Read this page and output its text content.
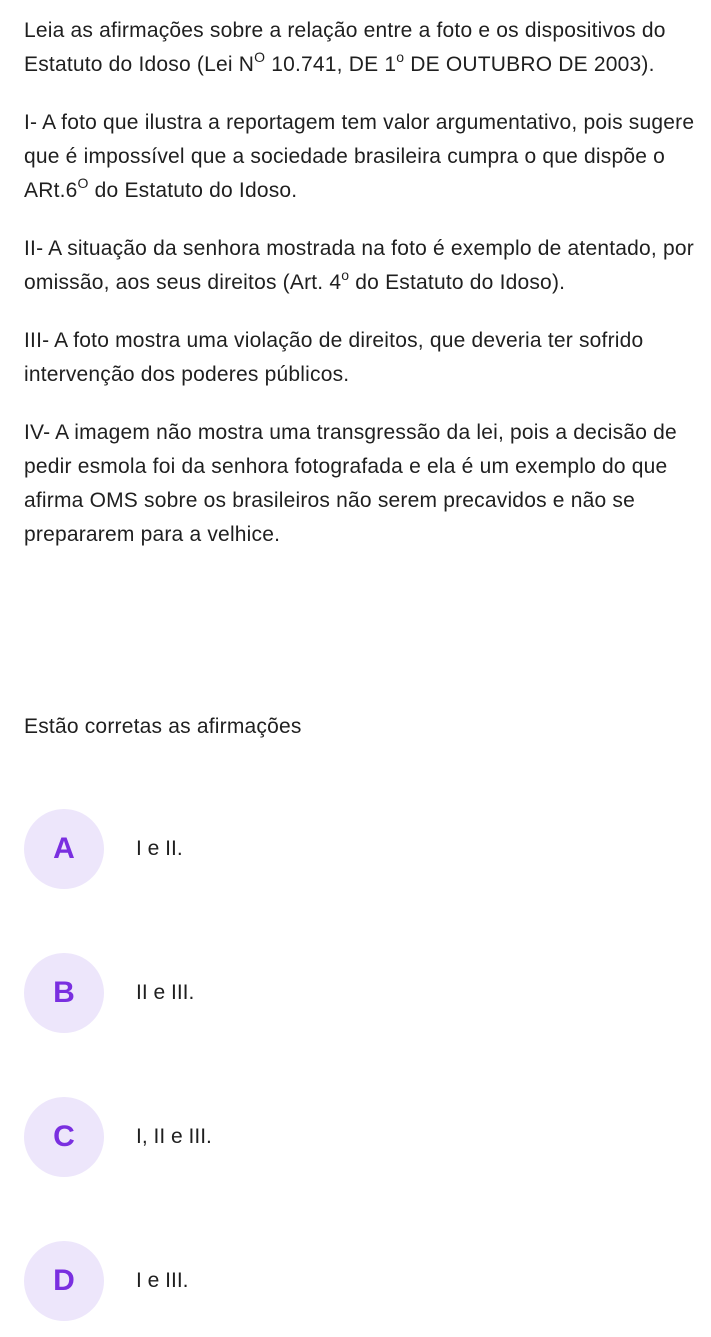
Leia as afirmações sobre a relação entre a foto e os dispositivos do Estatuto do Idoso (Lei $N^O$ 10.741, DE 1$^o$ DE OUTUBRO DE 2003).

I- A foto que ilustra a reportagem tem valor argumentativo, pois sugere que é impossível que a sociedade brasileira cumpra o que dispõe o $ARt.6^O$ do Estatuto do Idoso.

II- A situação da senhora mostrada na foto é exemplo de atentado, por omissão, aos seus direitos (Art. 4$^o$ do Estatuto do Idoso).

III- A foto mostra uma violação de direitos, que deveria ter sofrido intervenção dos poderes públicos.

IV- A imagem não mostra uma transgressão da lei, pois a decisão de pedir esmola foi da senhora fotografada e ela é um exemplo do que afirma OMS sobre os brasileiros não serem precavidos e não se prepararem para a velhice.

Estão corretas as afirmações
A	I e II.
B	II e III.
C	I, II e III.
D	I e III.
